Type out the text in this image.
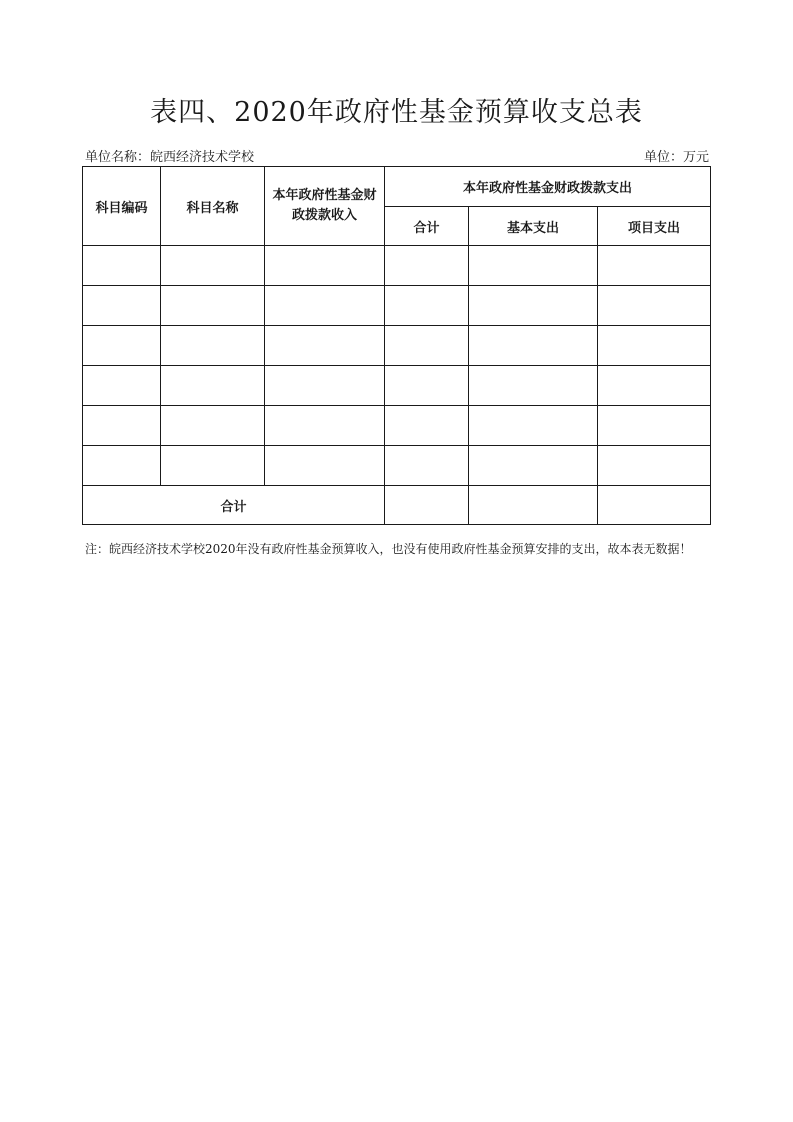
表四、2020年政府性基金预算收支总表
单位名称：皖西经济技术学校	单位：万元
科目编码	科目名称	本年政府性基金财政拨款收入	本年政府性基金财政拨款支出		
			合计	基本支出	项目支出

合计					
注：皖西经济技术学校2020年没有政府性基金预算收入，也没有使用政府性基金预算安排的支出，故本表无数据！
